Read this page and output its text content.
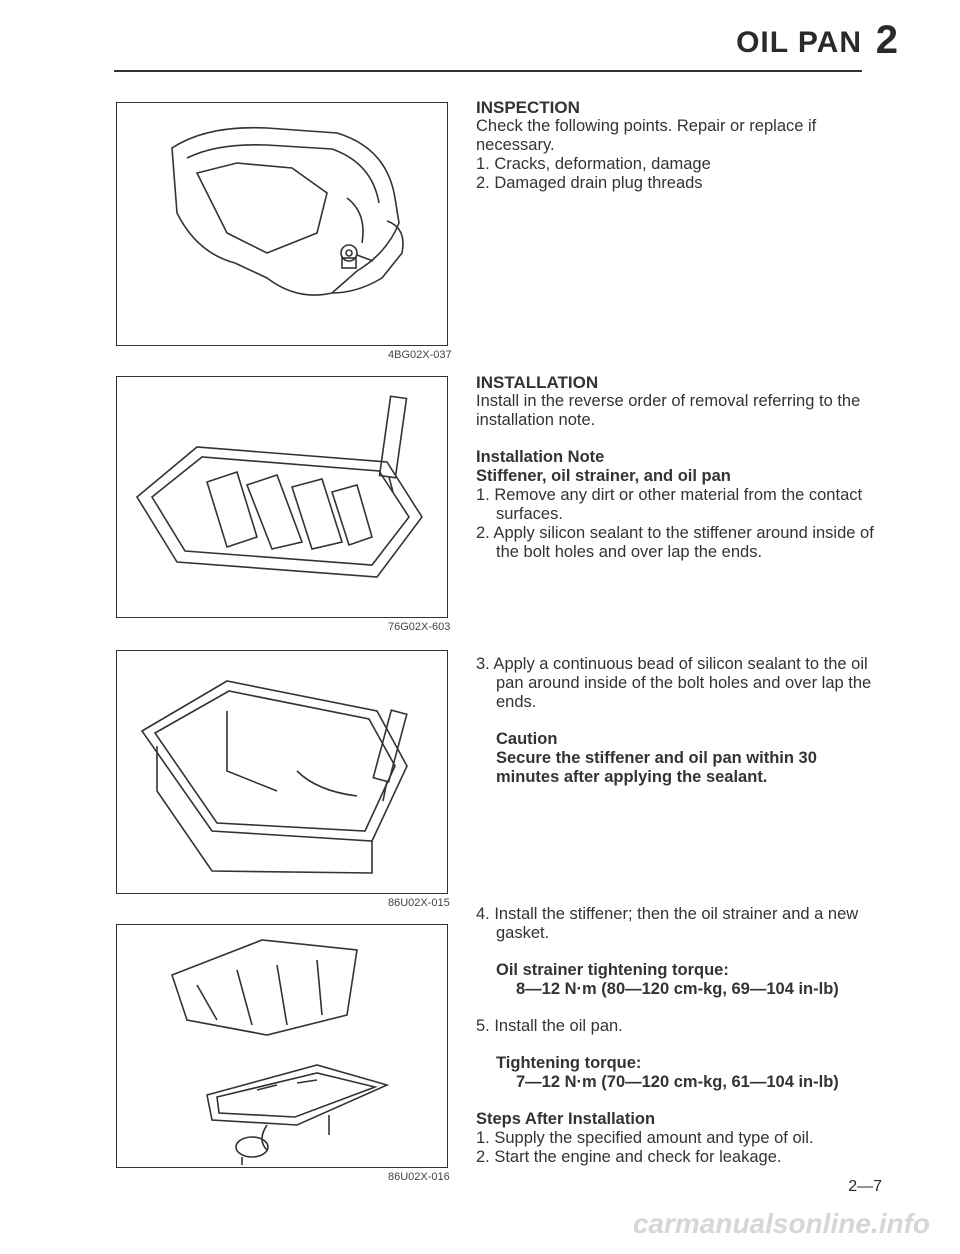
OIL PAN 2
4BG02X-037
76G02X-603
86U02X-015
86U02X-016
INSPECTION
Check the following points. Repair or replace if necessary.
1. Cracks, deformation, damage
2. Damaged drain plug threads
INSTALLATION
Install in the reverse order of removal referring to the installation note.
Installation Note
Stiffener, oil strainer, and oil pan
1. Remove any dirt or other material from the contact surfaces.
2. Apply silicon sealant to the stiffener around inside of the bolt holes and over lap the ends.
3. Apply a continuous bead of silicon sealant to the oil pan around inside of the bolt holes and over lap the ends.
Caution
Secure the stiffener and oil pan within 30 minutes after applying the sealant.
4. Install the stiffener; then the oil strainer and a new gasket.
Oil strainer tightening torque:
8—12 N·m (80—120 cm-kg, 69—104 in-lb)
5. Install the oil pan.
Tightening torque:
7—12 N·m (70—120 cm-kg, 61—104 in-lb)
Steps After Installation
1. Supply the specified amount and type of oil.
2. Start the engine and check for leakage.
2—7
carmanualsonline.info
